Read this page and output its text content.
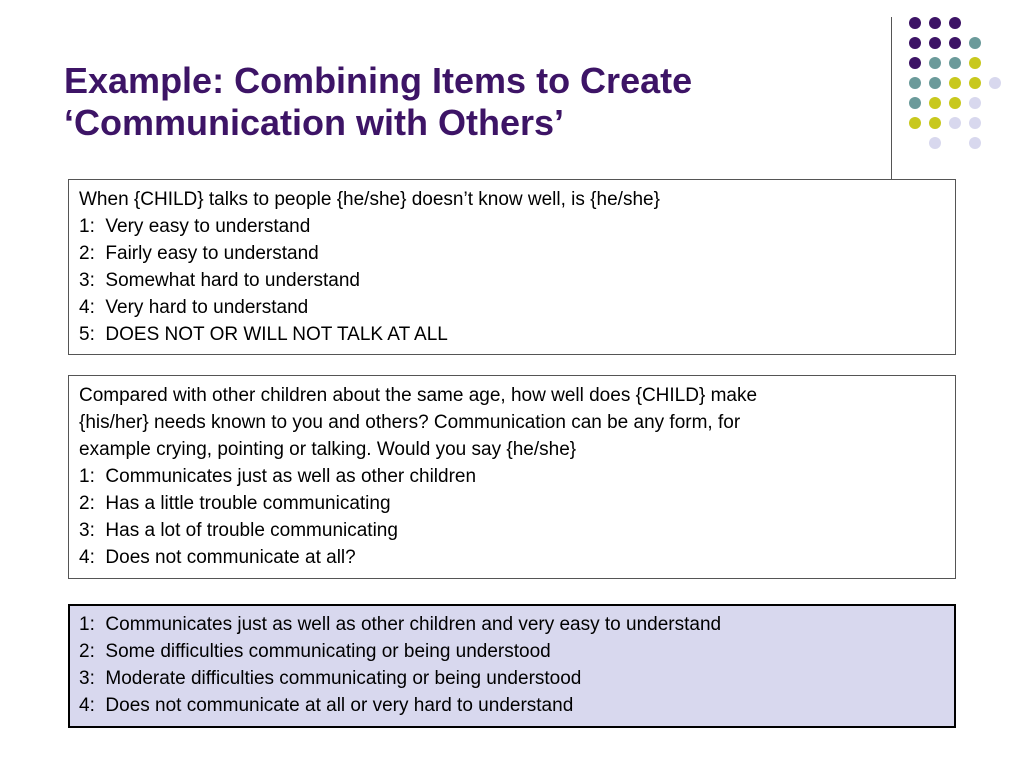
Example: Combining Items to Create
‘Communication with Others’
When {CHILD} talks to people {he/she} doesn’t know well, is {he/she}
1:  Very easy to understand
2:  Fairly easy to understand
3:  Somewhat hard to understand
4:  Very hard to understand
5:  DOES NOT OR WILL NOT TALK AT ALL
Compared with other children about the same age, how well does {CHILD} make
{his/her} needs known to you and others? Communication can be any form, for
example crying, pointing or talking. Would you say {he/she}
1:  Communicates just as well as other children
2:  Has a little trouble communicating
3:  Has a lot of trouble communicating
4:  Does not communicate at all?
1:  Communicates just as well as other children and very easy to understand
2:  Some difficulties communicating or being understood
3:  Moderate difficulties communicating or being understood
4:  Does not communicate at all or very hard to understand
